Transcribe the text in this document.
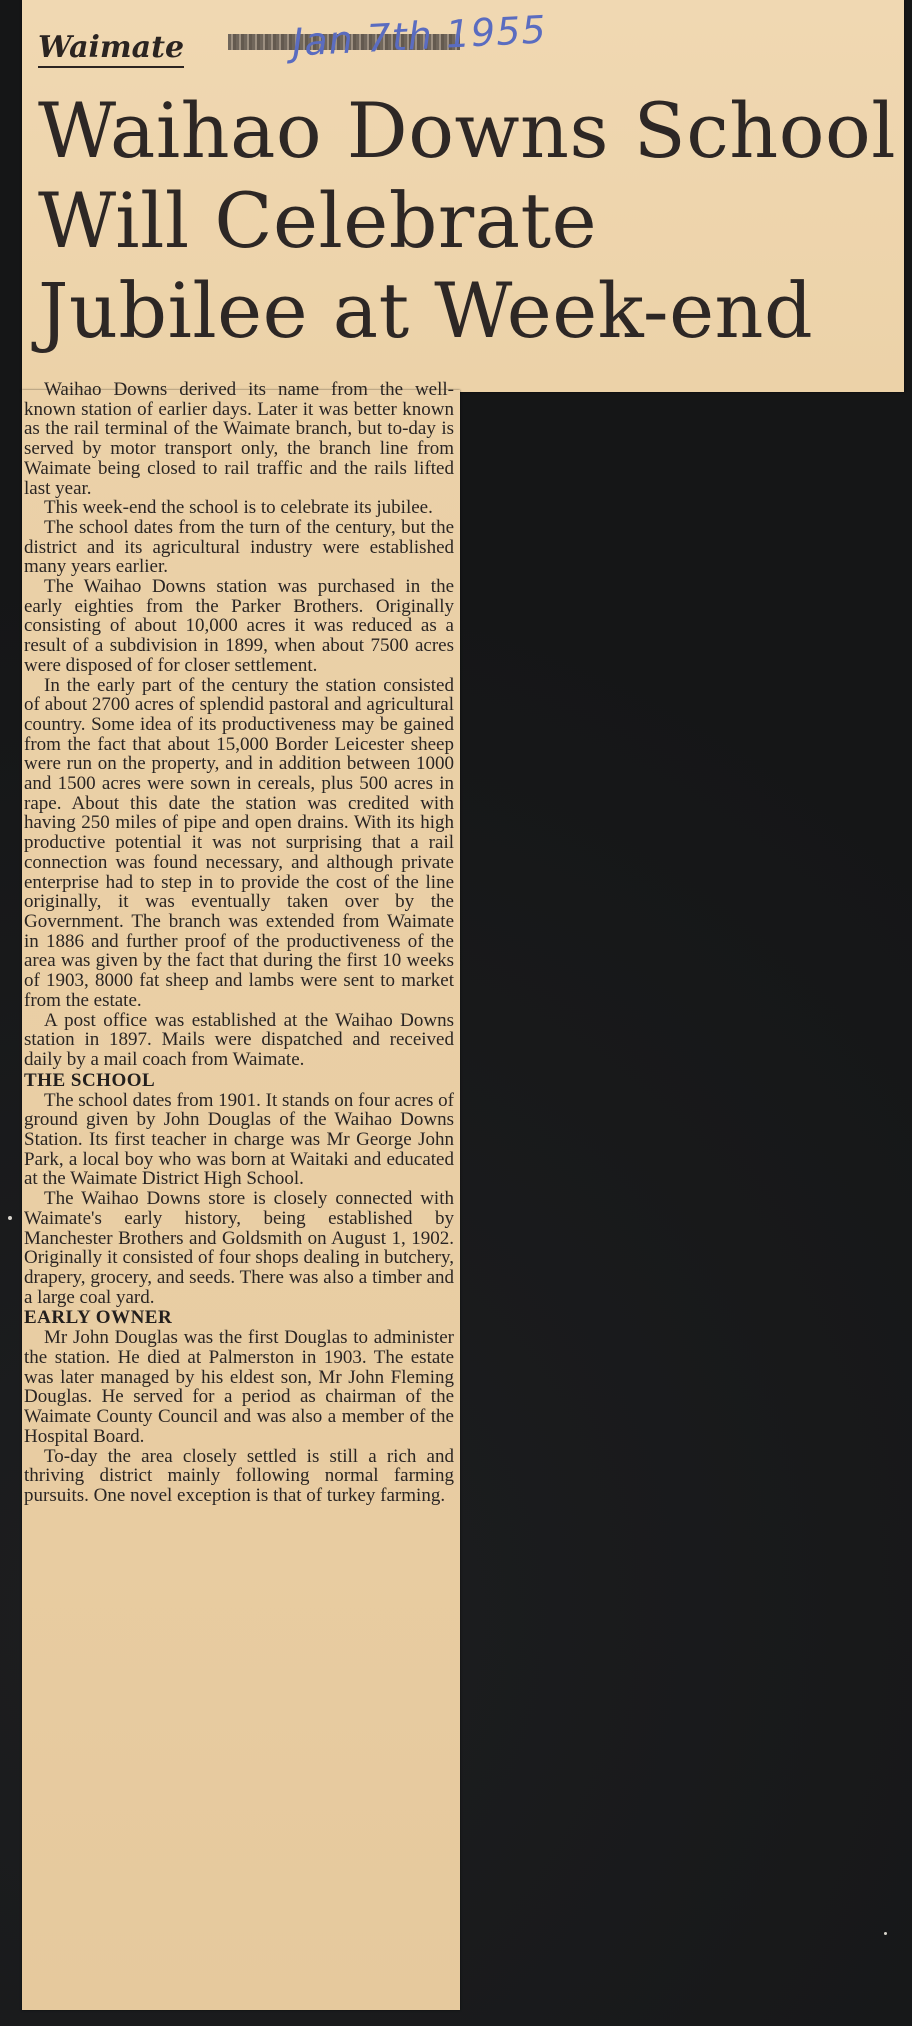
Waimate	Jan 7th 1955
Waihao Downs School
Will Celebrate
Jubilee at Week-end

Waihao Downs derived its name from the well-known station of earlier days. Later it was better known as the rail terminal of the Waimate branch, but to-day is served by motor transport only, the branch line from Waimate being closed to rail traffic and the rails lifted last year.

This week-end the school is to celebrate its jubilee.

The school dates from the turn of the century, but the district and its agricultural industry were established many years earlier.

The Waihao Downs station was purchased in the early eighties from the Parker Brothers. Originally consisting of about 10,000 acres it was reduced as a result of a subdivision in 1899, when about 7500 acres were disposed of for closer settlement.

In the early part of the century the station consisted of about 2700 acres of splendid pastoral and agricultural country. Some idea of its productiveness may be gained from the fact that about 15,000 Border Leicester sheep were run on the property, and in addition between 1000 and 1500 acres were sown in cereals, plus 500 acres in rape. About this date the station was credited with having 250 miles of pipe and open drains. With its high productive potential it was not surprising that a rail connection was found necessary, and although private enterprise had to step in to provide the cost of the line originally, it was eventually taken over by the Government. The branch was extended from Waimate in 1886 and further proof of the productiveness of the area was given by the fact that during the first 10 weeks of 1903, 8000 fat sheep and lambs were sent to market from the estate.

A post office was established at the Waihao Downs station in 1897. Mails were dispatched and received daily by a mail coach from Waimate.

THE SCHOOL

The school dates from 1901. It stands on four acres of ground given by John Douglas of the Waihao Downs Station. Its first teacher in charge was Mr George John Park, a local boy who was born at Waitaki and educated at the Waimate District High School.

The Waihao Downs store is closely connected with Waimate's early history, being established by Manchester Brothers and Goldsmith on August 1, 1902. Originally it consisted of four shops dealing in butchery, drapery, grocery, and seeds. There was also a timber and a large coal yard.

EARLY OWNER

Mr John Douglas was the first Douglas to administer the station. He died at Palmerston in 1903. The estate was later managed by his eldest son, Mr John Fleming Douglas. He served for a period as chairman of the Waimate County Council and was also a member of the Hospital Board.

To-day the area closely settled is still a rich and thriving district mainly following normal farming pursuits. One novel exception is that of turkey farming.
